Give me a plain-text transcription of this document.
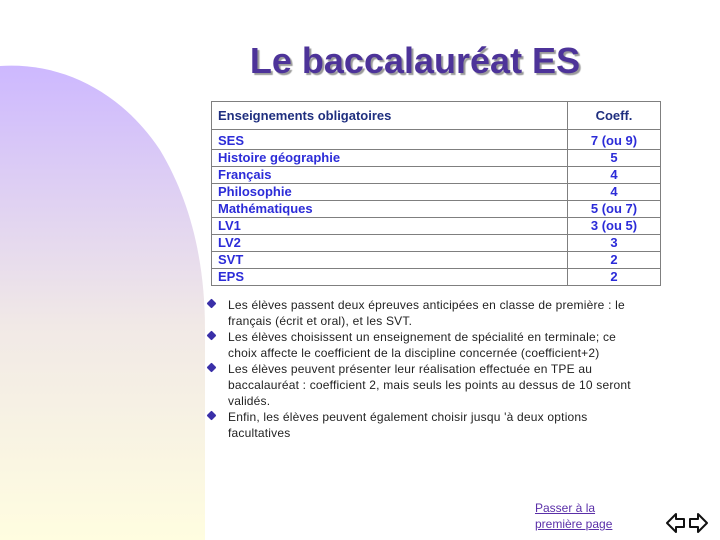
Le baccalauréat ES
Enseignements obligatoires	Coeff.
SES	7 (ou 9)
Histoire géographie	5
Français	4
Philosophie	4
Mathématiques	5 (ou 7)
LV1	3 (ou 5)
LV2	3
SVT	2
EPS	2
Les élèves passent deux épreuves anticipées en classe de première : le français (écrit et oral), et les SVT.
Les élèves choisissent un enseignement de spécialité en terminale; ce choix affecte le coefficient de la discipline concernée (coefficient+2)
Les élèves peuvent présenter leur réalisation effectuée en TPE au baccalauréat : coefficient 2, mais seuls les points au dessus de 10 seront validés.
Enfin, les élèves peuvent également choisir jusqu 'à deux options facultatives
Passer à la première page
